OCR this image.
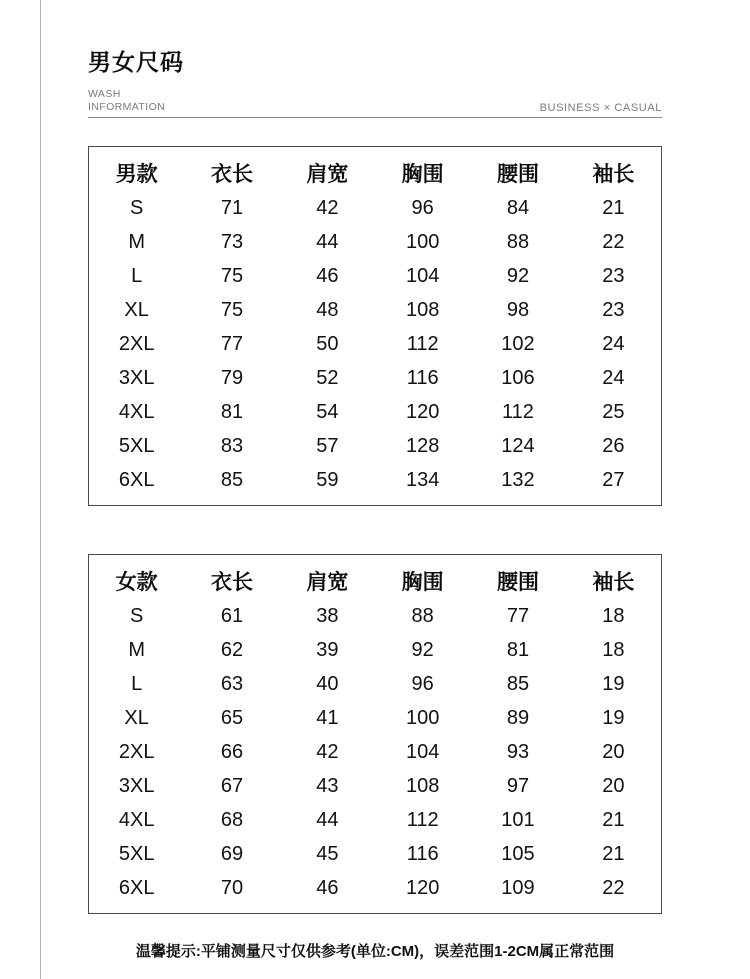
男女尺码
WASH
INFORMATION	BUSINESS × CASUAL
男款	衣长	肩宽	胸围	腰围	袖长
S	71	42	96	84	21
M	73	44	100	88	22
L	75	46	104	92	23
XL	75	48	108	98	23
2XL	77	50	112	102	24
3XL	79	52	116	106	24
4XL	81	54	120	112	25
5XL	83	57	128	124	26
6XL	85	59	134	132	27
女款	衣长	肩宽	胸围	腰围	袖长
S	61	38	88	77	18
M	62	39	92	81	18
L	63	40	96	85	19
XL	65	41	100	89	19
2XL	66	42	104	93	20
3XL	67	43	108	97	20
4XL	68	44	112	101	21
5XL	69	45	116	105	21
6XL	70	46	120	109	22
温馨提示:平铺测量尺寸仅供参考(单位:CM)，误差范围1-2CM属正常范围
